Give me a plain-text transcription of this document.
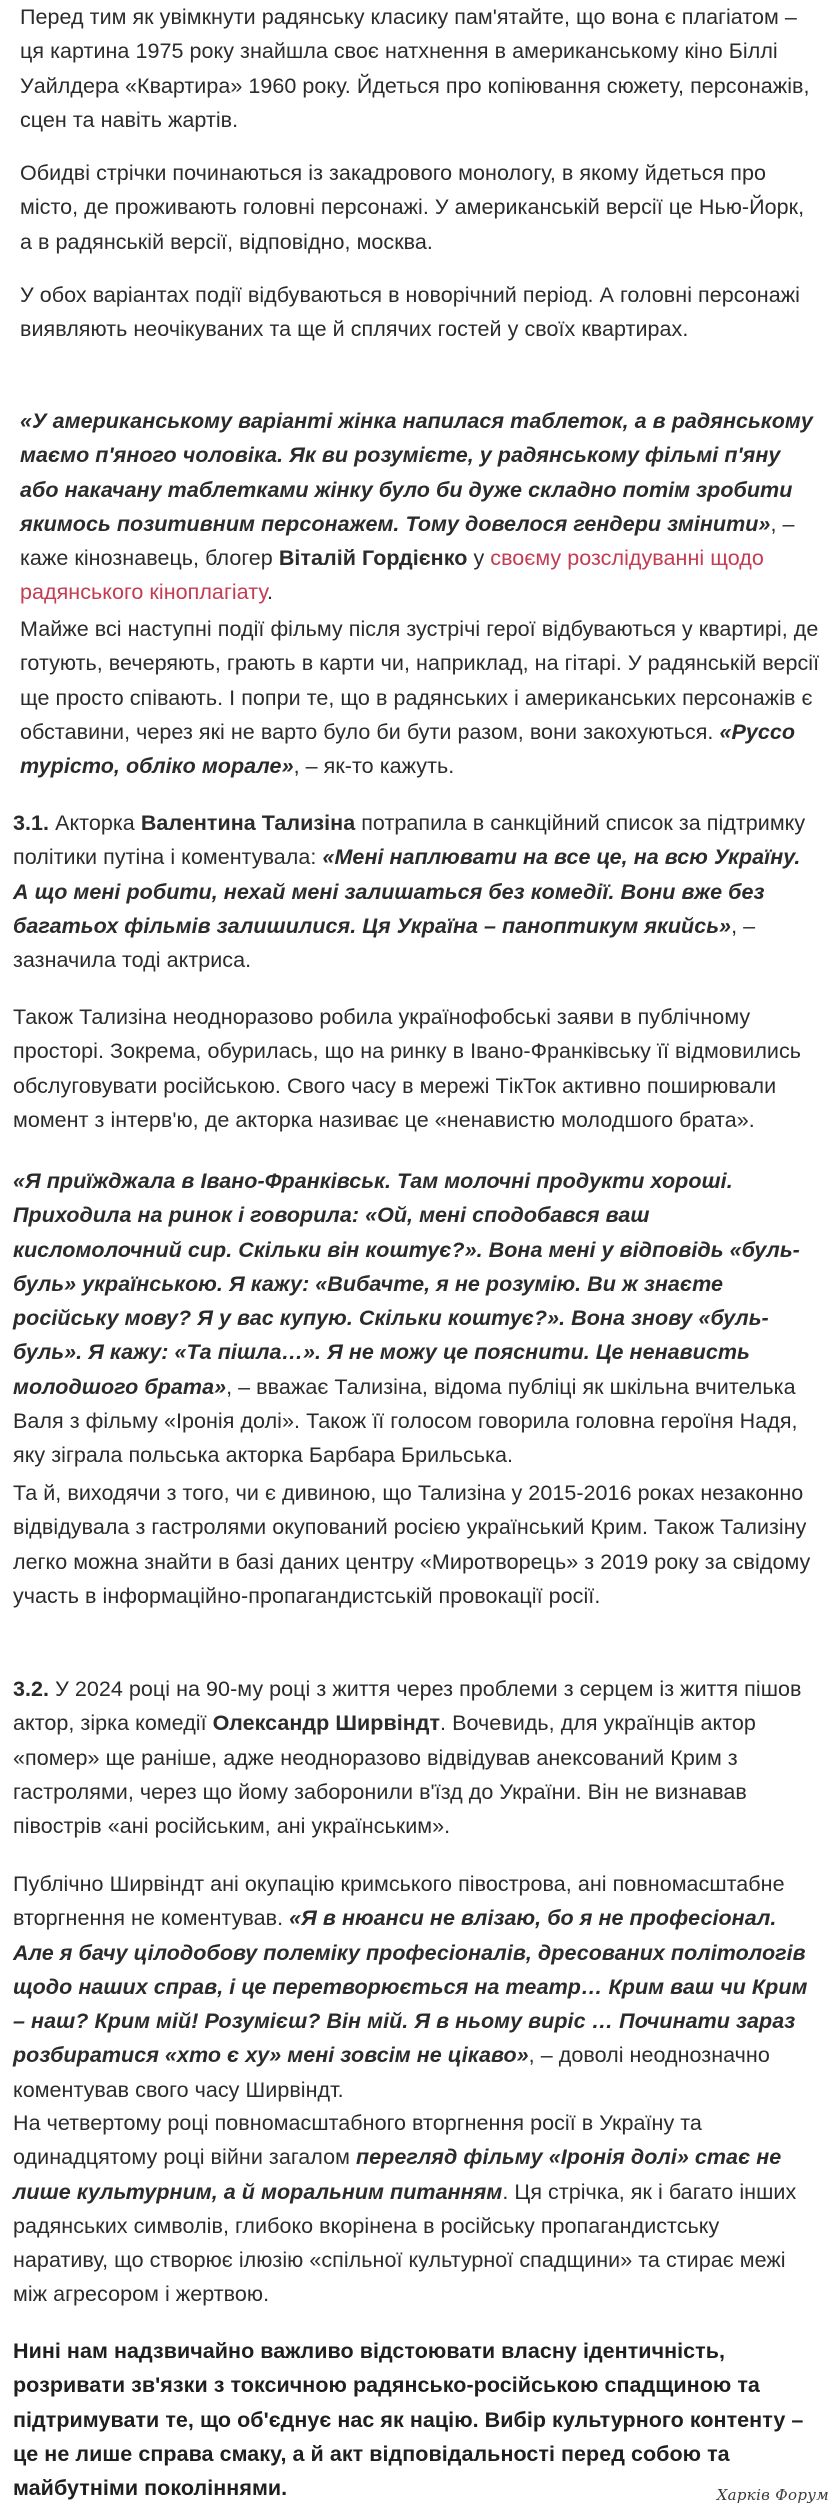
Перед тим як увімкнути радянську класику пам'ятайте, що вона є плагіатом – ця картина 1975 року знайшла своє натхнення в американському кіно Біллі Уайлдера «Квартира» 1960 року. Йдеться про копіювання сюжету, персонажів, сцен та навіть жартів.

Обидві стрічки починаються із закадрового монологу, в якому йдеться про місто, де проживають головні персонажі. У американській версії це Нью-Йорк, а в радянській версії, відповідно, москва.

У обох варіантах події відбуваються в новорічний період. А головні персонажі виявляють неочікуваних та ще й сплячих гостей у своїх квартирах.

«У американському варіанті жінка напилася таблеток, а в радянському маємо п'яного чоловіка. Як ви розумієте, у радянському фільмі п'яну або накачану таблетками жінку було би дуже складно потім зробити якимось позитивним персонажем. Тому довелося гендери змінити», – каже кінознавець, блогер Віталій Гордієнко у своєму розслідуванні щодо радянського кіноплагіату.

Майже всі наступні події фільму після зустрічі герої відбуваються у квартирі, де готують, вечеряють, грають в карти чи, наприклад, на гітарі. У радянській версії ще просто співають. І попри те, що в радянських і американських персонажів є обставини, через які не варто було би бути разом, вони закохуються. «Руссо турісто, обліко морале», – як-то кажуть.

3.1. Акторка Валентина Тализіна потрапила в санкційний список за підтримку політики путіна і коментувала: «Мені наплювати на все це, на всю Україну. А що мені робити, нехай мені залишаться без комедії. Вони вже без багатьох фільмів залишилися. Ця Україна – паноптикум якийсь», – зазначила тоді актриса.

Також Тализіна неодноразово робила українофобські заяви в публічному просторі. Зокрема, обурилась, що на ринку в Івано-Франківську її відмовились обслуговувати російською. Свого часу в мережі ТікТок активно поширювали момент з інтерв'ю, де акторка називає це «ненавистю молодшого брата».

«Я приїжджала в Івано-Франківськ. Там молочні продукти хороші. Приходила на ринок і говорила: «Ой, мені сподобався ваш кисломолочний сир. Скільки він коштує?». Вона мені у відповідь «буль-буль» українською. Я кажу: «Вибачте, я не розумію. Ви ж знаєте російську мову? Я у вас купую. Скільки коштує?». Вона знову «буль-буль». Я кажу: «Та пішла…». Я не можу це пояснити. Це ненависть молодшого брата», – вважає Тализіна, відома публіці як шкільна вчителька Валя з фільму «Іронія долі». Також її голосом говорила головна героїня Надя, яку зіграла польська акторка Барбара Брильська.

Та й, виходячи з того, чи є дивиною, що Тализіна у 2015-2016 роках незаконно відвідувала з гастролями окупований росією український Крим. Також Тализіну легко можна знайти в базі даних центру «Миротворець» з 2019 року за свідому участь в інформаційно-пропагандистській провокації росії.

3.2. У 2024 році на 90-му році з життя через проблеми з серцем із життя пішов актор, зірка комедії Олександр Ширвіндт. Вочевидь, для українців актор «помер» ще раніше, адже неодноразово відвідував анексований Крим з гастролями, через що йому заборонили в'їзд до України. Він не визнавав півострів «ані російським, ані українським».

Публічно Ширвіндт ані окупацію кримського півострова, ані повномасштабне вторгнення не коментував. «Я в нюанси не влізаю, бо я не професіонал. Але я бачу цілодобову полеміку професіоналів, дресованих політологів щодо наших справ, і це перетворюється на театр… Крим ваш чи Крим – наш? Крим мій! Розумієш? Він мій. Я в ньому виріс … Починати зараз розбиратися «хто є ху» мені зовсім не цікаво», – доволі неоднозначно коментував свого часу Ширвіндт.

На четвертому році повномасштабного вторгнення росії в Україну та одинадцятому році війни загалом перегляд фільму «Іронія долі» стає не лише культурним, а й моральним питанням. Ця стрічка, як і багато інших радянських символів, глибоко вкорінена в російську пропагандистську наративу, що створює ілюзію «спільної культурної спадщини» та стирає межі між агресором і жертвою.

Нині нам надзвичайно важливо відстоювати власну ідентичність, розривати зв'язки з токсичною радянсько-російською спадщиною та підтримувати те, що об'єднує нас як націю. Вибір культурного контенту – це не лише справа смаку, а й акт відповідальності перед собою та майбутніми поколіннями.	Харків Форум
